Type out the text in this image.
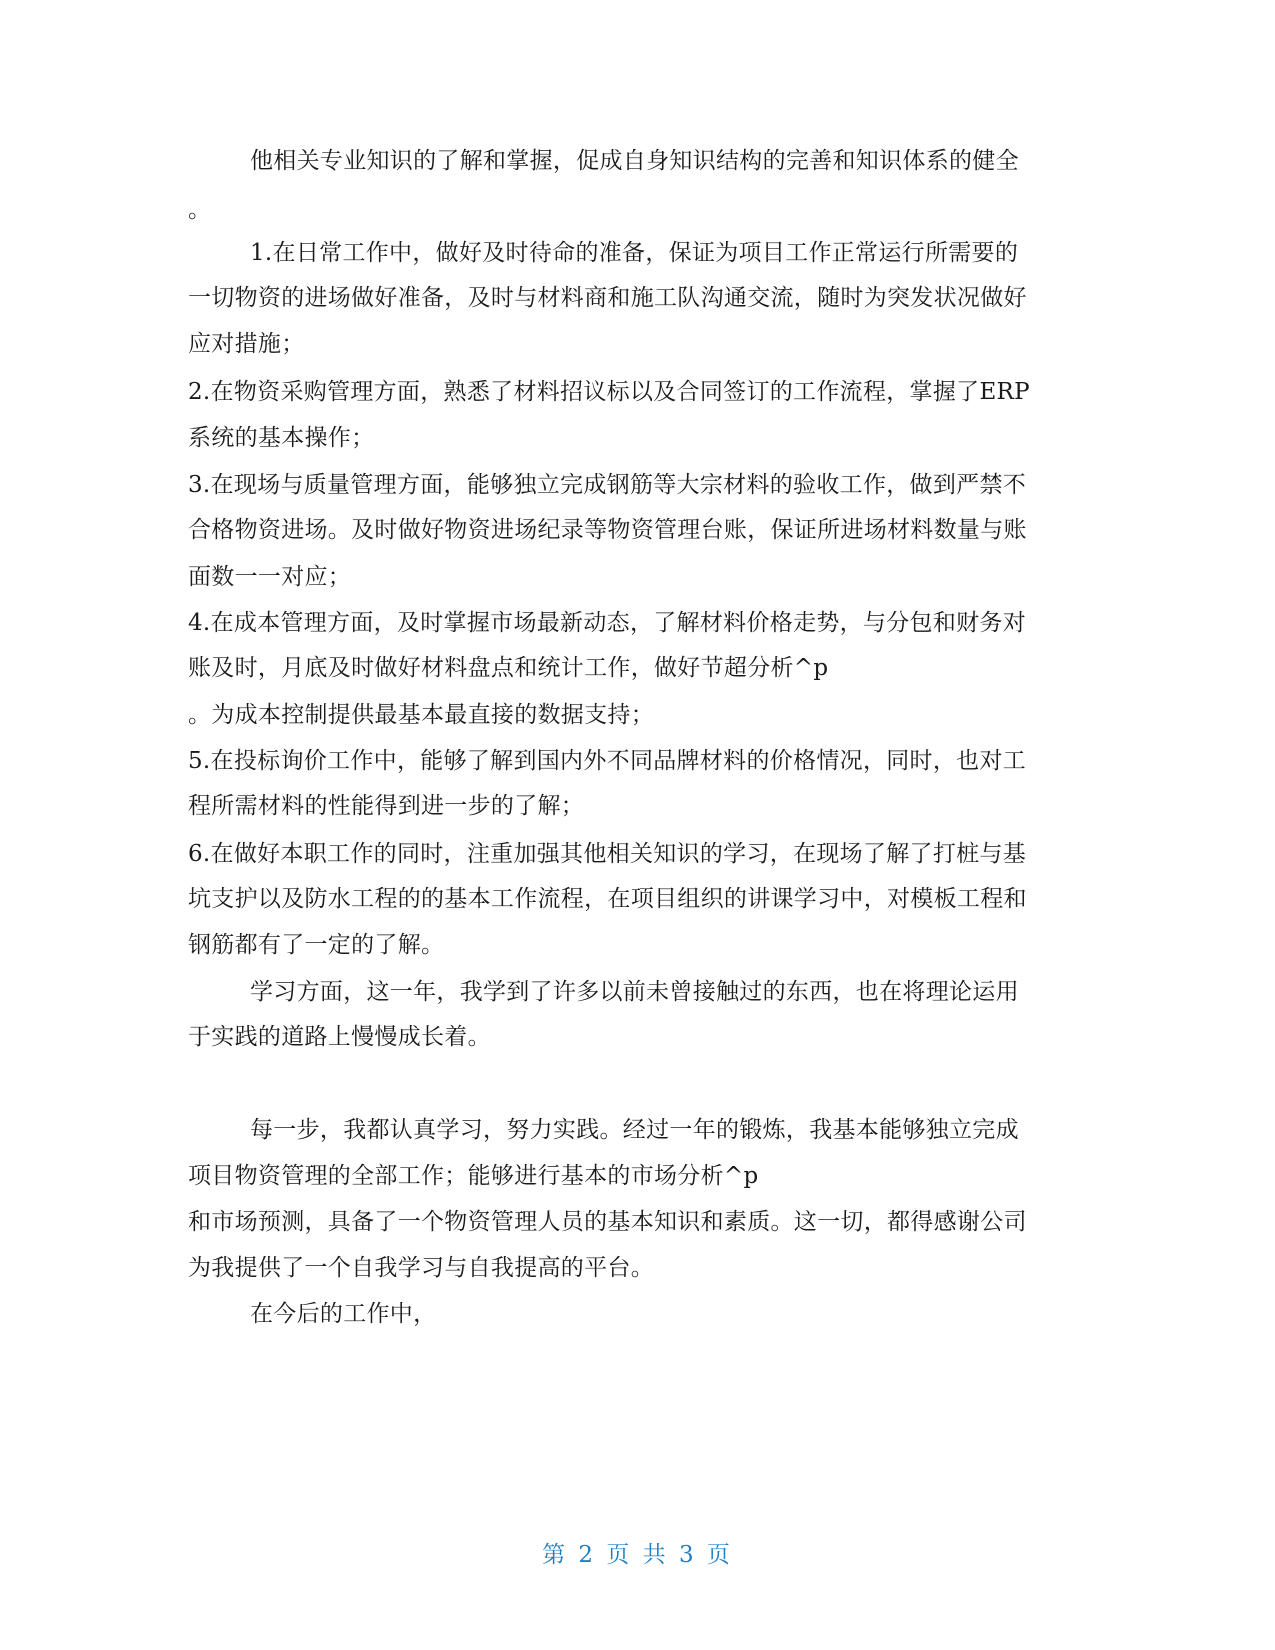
他相关专业知识的了解和掌握，促成自身知识结构的完善和知识体系的健全
。
1.在日常工作中，做好及时待命的准备，保证为项目工作正常运行所需要的
一切物资的进场做好准备，及时与材料商和施工队沟通交流，随时为突发状况做好
应对措施；
2.在物资采购管理方面，熟悉了材料招议标以及合同签订的工作流程，掌握了ERP
系统的基本操作；
3.在现场与质量管理方面，能够独立完成钢筋等大宗材料的验收工作，做到严禁不
合格物资进场。及时做好物资进场纪录等物资管理台账，保证所进场材料数量与账
面数一一对应；
4.在成本管理方面，及时掌握市场最新动态，了解材料价格走势，与分包和财务对
账及时，月底及时做好材料盘点和统计工作，做好节超分析^p
。为成本控制提供最基本最直接的数据支持；
5.在投标询价工作中，能够了解到国内外不同品牌材料的价格情况，同时，也对工
程所需材料的性能得到进一步的了解；
6.在做好本职工作的同时，注重加强其他相关知识的学习，在现场了解了打桩与基
坑支护以及防水工程的的基本工作流程，在项目组织的讲课学习中，对模板工程和
钢筋都有了一定的了解。
学习方面，这一年，我学到了许多以前未曾接触过的东西，也在将理论运用
于实践的道路上慢慢成长着。
每一步，我都认真学习，努力实践。经过一年的锻炼，我基本能够独立完成
项目物资管理的全部工作；能够进行基本的市场分析^p
和市场预测，具备了一个物资管理人员的基本知识和素质。这一切，都得感谢公司
为我提供了一个自我学习与自我提高的平台。
在今后的工作中，
第 2 页 共 3 页
